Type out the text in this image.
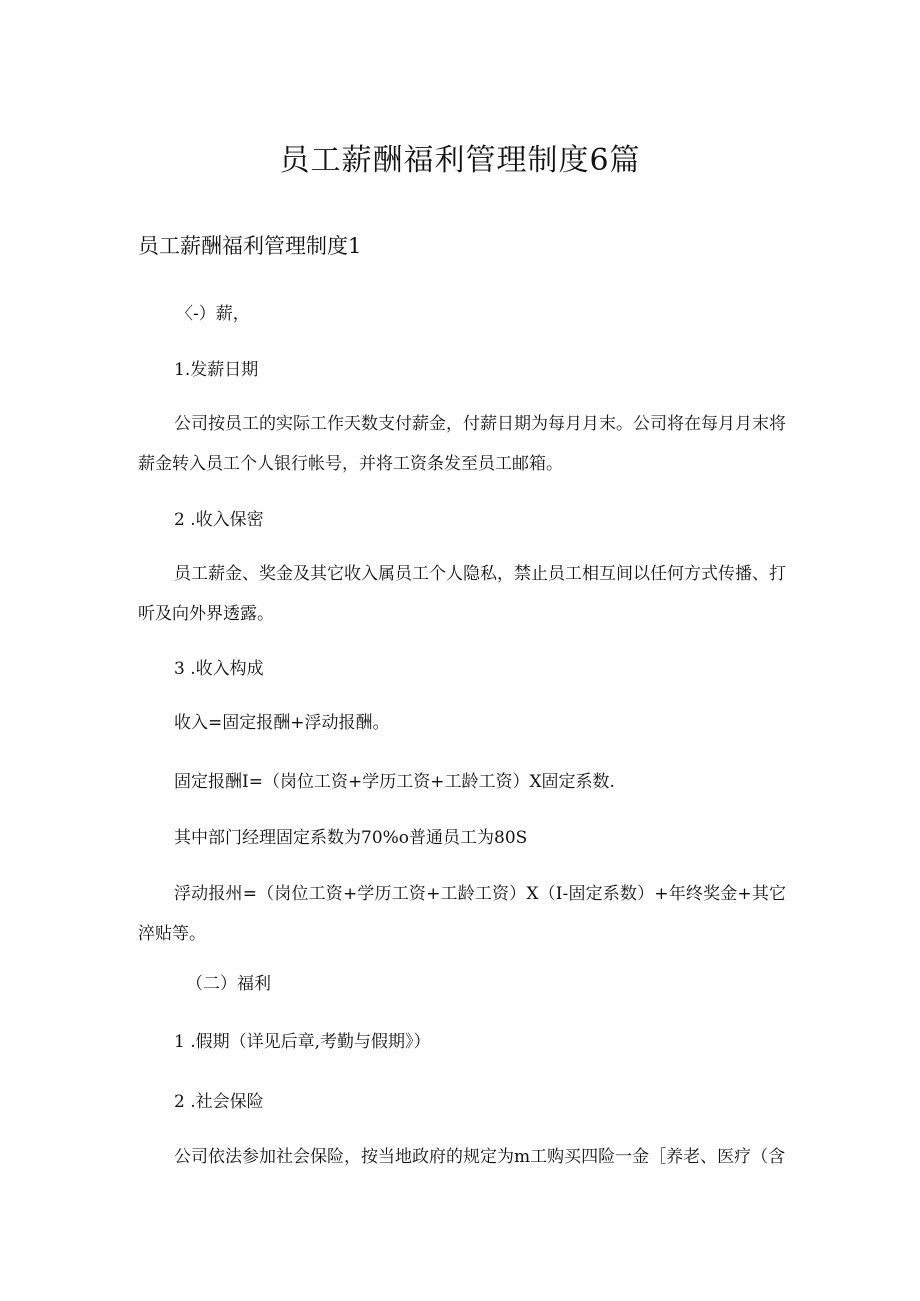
员工薪酬福利管理制度6篇
员工薪酬福利管理制度1

〈-）薪，

1.发薪日期

公司按员工的实际工作天数支付薪金，付薪日期为每月月末。公司将在每月月末将薪金转入员工个人银行帐号，并将工资条发至员工邮箱。

2 .收入保密

员工薪金、奖金及其它收入属员工个人隐私，禁止员工相互间以任何方式传播、打听及向外界透露。

3 .收入构成

收入=固定报酬+浮动报酬。

固定报酬I=（岗位工资+学历工资+工龄工资）X固定系数.

其中部门经理固定系数为70%o普通员工为80S

浮动报州=（岗位工资+学历工资+工龄工资）X（I-固定系数）+年终奖金+其它淬贴等。

（二）福利

1 .假期（详见后章,考勤与假期》）

2 .社会保险

公司依法参加社会保险，按当地政府的规定为m工购买四险一金［养老、医疗（含
